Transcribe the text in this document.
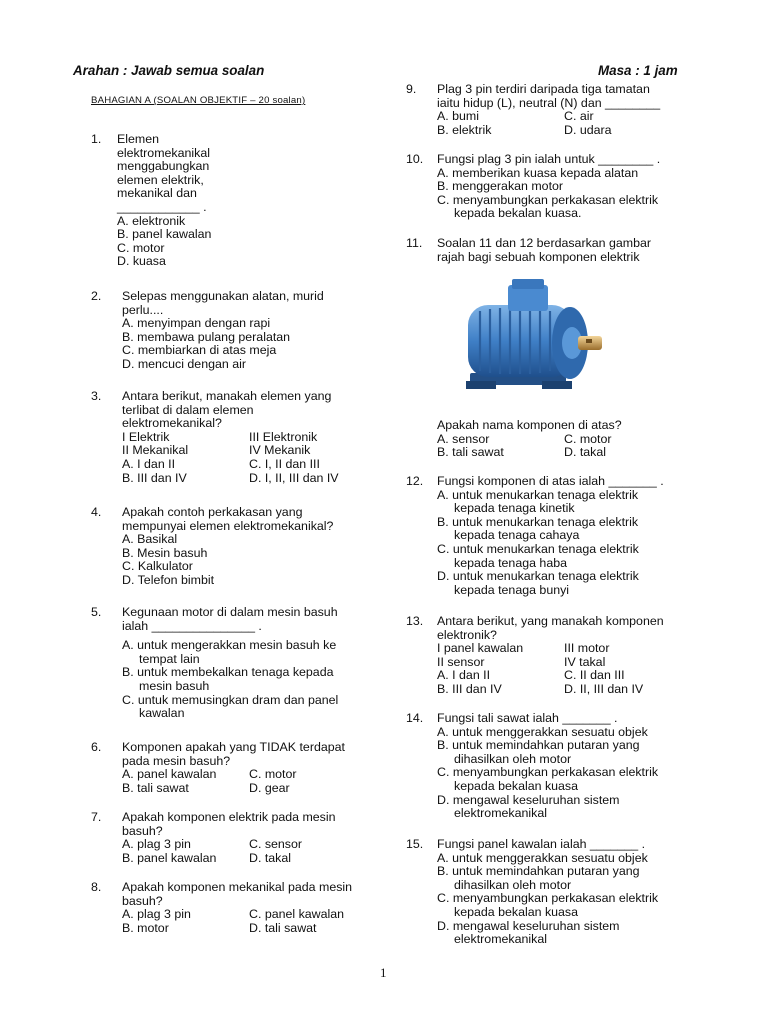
Arahan : Jawab semua soalan	Masa : 1 jam
BAHAGIAN A (SOALAN OBJEKTIF – 20 soalan)
1. Elemen
elektromekanikal
menggabungkan
elemen elektrik,
mekanikal dan
____________ .
A. elektronik
B. panel kawalan
C. motor
D. kuasa
2. Selepas menggunakan alatan, murid
perlu....
A. menyimpan dengan rapi
B. membawa pulang peralatan
C. membiarkan di atas meja
D. mencuci dengan air
3. Antara berikut, manakah elemen yang
terlibat di dalam elemen
elektromekanikal?
I Elektrik	III Elektronik
II Mekanikal	IV Mekanik
A. I dan II	C. I, II dan III
B. III dan IV	D. I, II, III dan IV
4. Apakah contoh perkakasan yang
mempunyai elemen elektromekanikal?
A. Basikal
B. Mesin basuh
C. Kalkulator
D. Telefon bimbit
5. Kegunaan motor di dalam mesin basuh
ialah _______________ .
A. untuk mengerakkan mesin basuh ke
tempat lain
B. untuk membekalkan tenaga kepada
mesin basuh
C. untuk memusingkan dram dan panel
kawalan
6. Komponen apakah yang TIDAK terdapat
pada mesin basuh?
A. panel kawalan	C. motor
B. tali sawat	D. gear
7. Apakah komponen elektrik pada mesin
basuh?
A. plag 3 pin	C. sensor
B. panel kawalan	D. takal
8. Apakah komponen mekanikal pada mesin
basuh?
A. plag 3 pin	C. panel kawalan
B. motor	D. tali sawat
9. Plag 3 pin terdiri daripada tiga tamatan
iaitu hidup (L), neutral (N) dan ________
A. bumi	C. air
B. elektrik	D. udara
10. Fungsi plag 3 pin ialah untuk ________ .
A. memberikan kuasa kepada alatan
B. menggerakan motor
C. menyambungkan perkakasan elektrik
kepada bekalan kuasa.
11. Soalan 11 dan 12 berdasarkan gambar
rajah bagi sebuah komponen elektrik
Apakah nama komponen di atas?
A. sensor	C. motor
B. tali sawat	D. takal
12. Fungsi komponen di atas ialah _______ .
A. untuk menukarkan tenaga elektrik
kepada tenaga kinetik
B. untuk menukarkan tenaga elektrik
kepada tenaga cahaya
C. untuk menukarkan tenaga elektrik
kepada tenaga haba
D. untuk menukarkan tenaga elektrik
kepada tenaga bunyi
13. Antara berikut, yang manakah komponen
elektronik?
I panel kawalan	III motor
II sensor	IV takal
A. I dan II	C. II dan III
B. III dan IV	D. II, III dan IV
14. Fungsi tali sawat ialah _______ .
A. untuk menggerakkan sesuatu objek
B. untuk memindahkan putaran yang
dihasilkan oleh motor
C. menyambungkan perkakasan elektrik
kepada bekalan kuasa
D. mengawal keseluruhan sistem
elektromekanikal
15. Fungsi panel kawalan ialah _______ .
A. untuk menggerakkan sesuatu objek
B. untuk memindahkan putaran yang
dihasilkan oleh motor
C. menyambungkan perkakasan elektrik
kepada bekalan kuasa
D. mengawal keseluruhan sistem
elektromekanikal
1
